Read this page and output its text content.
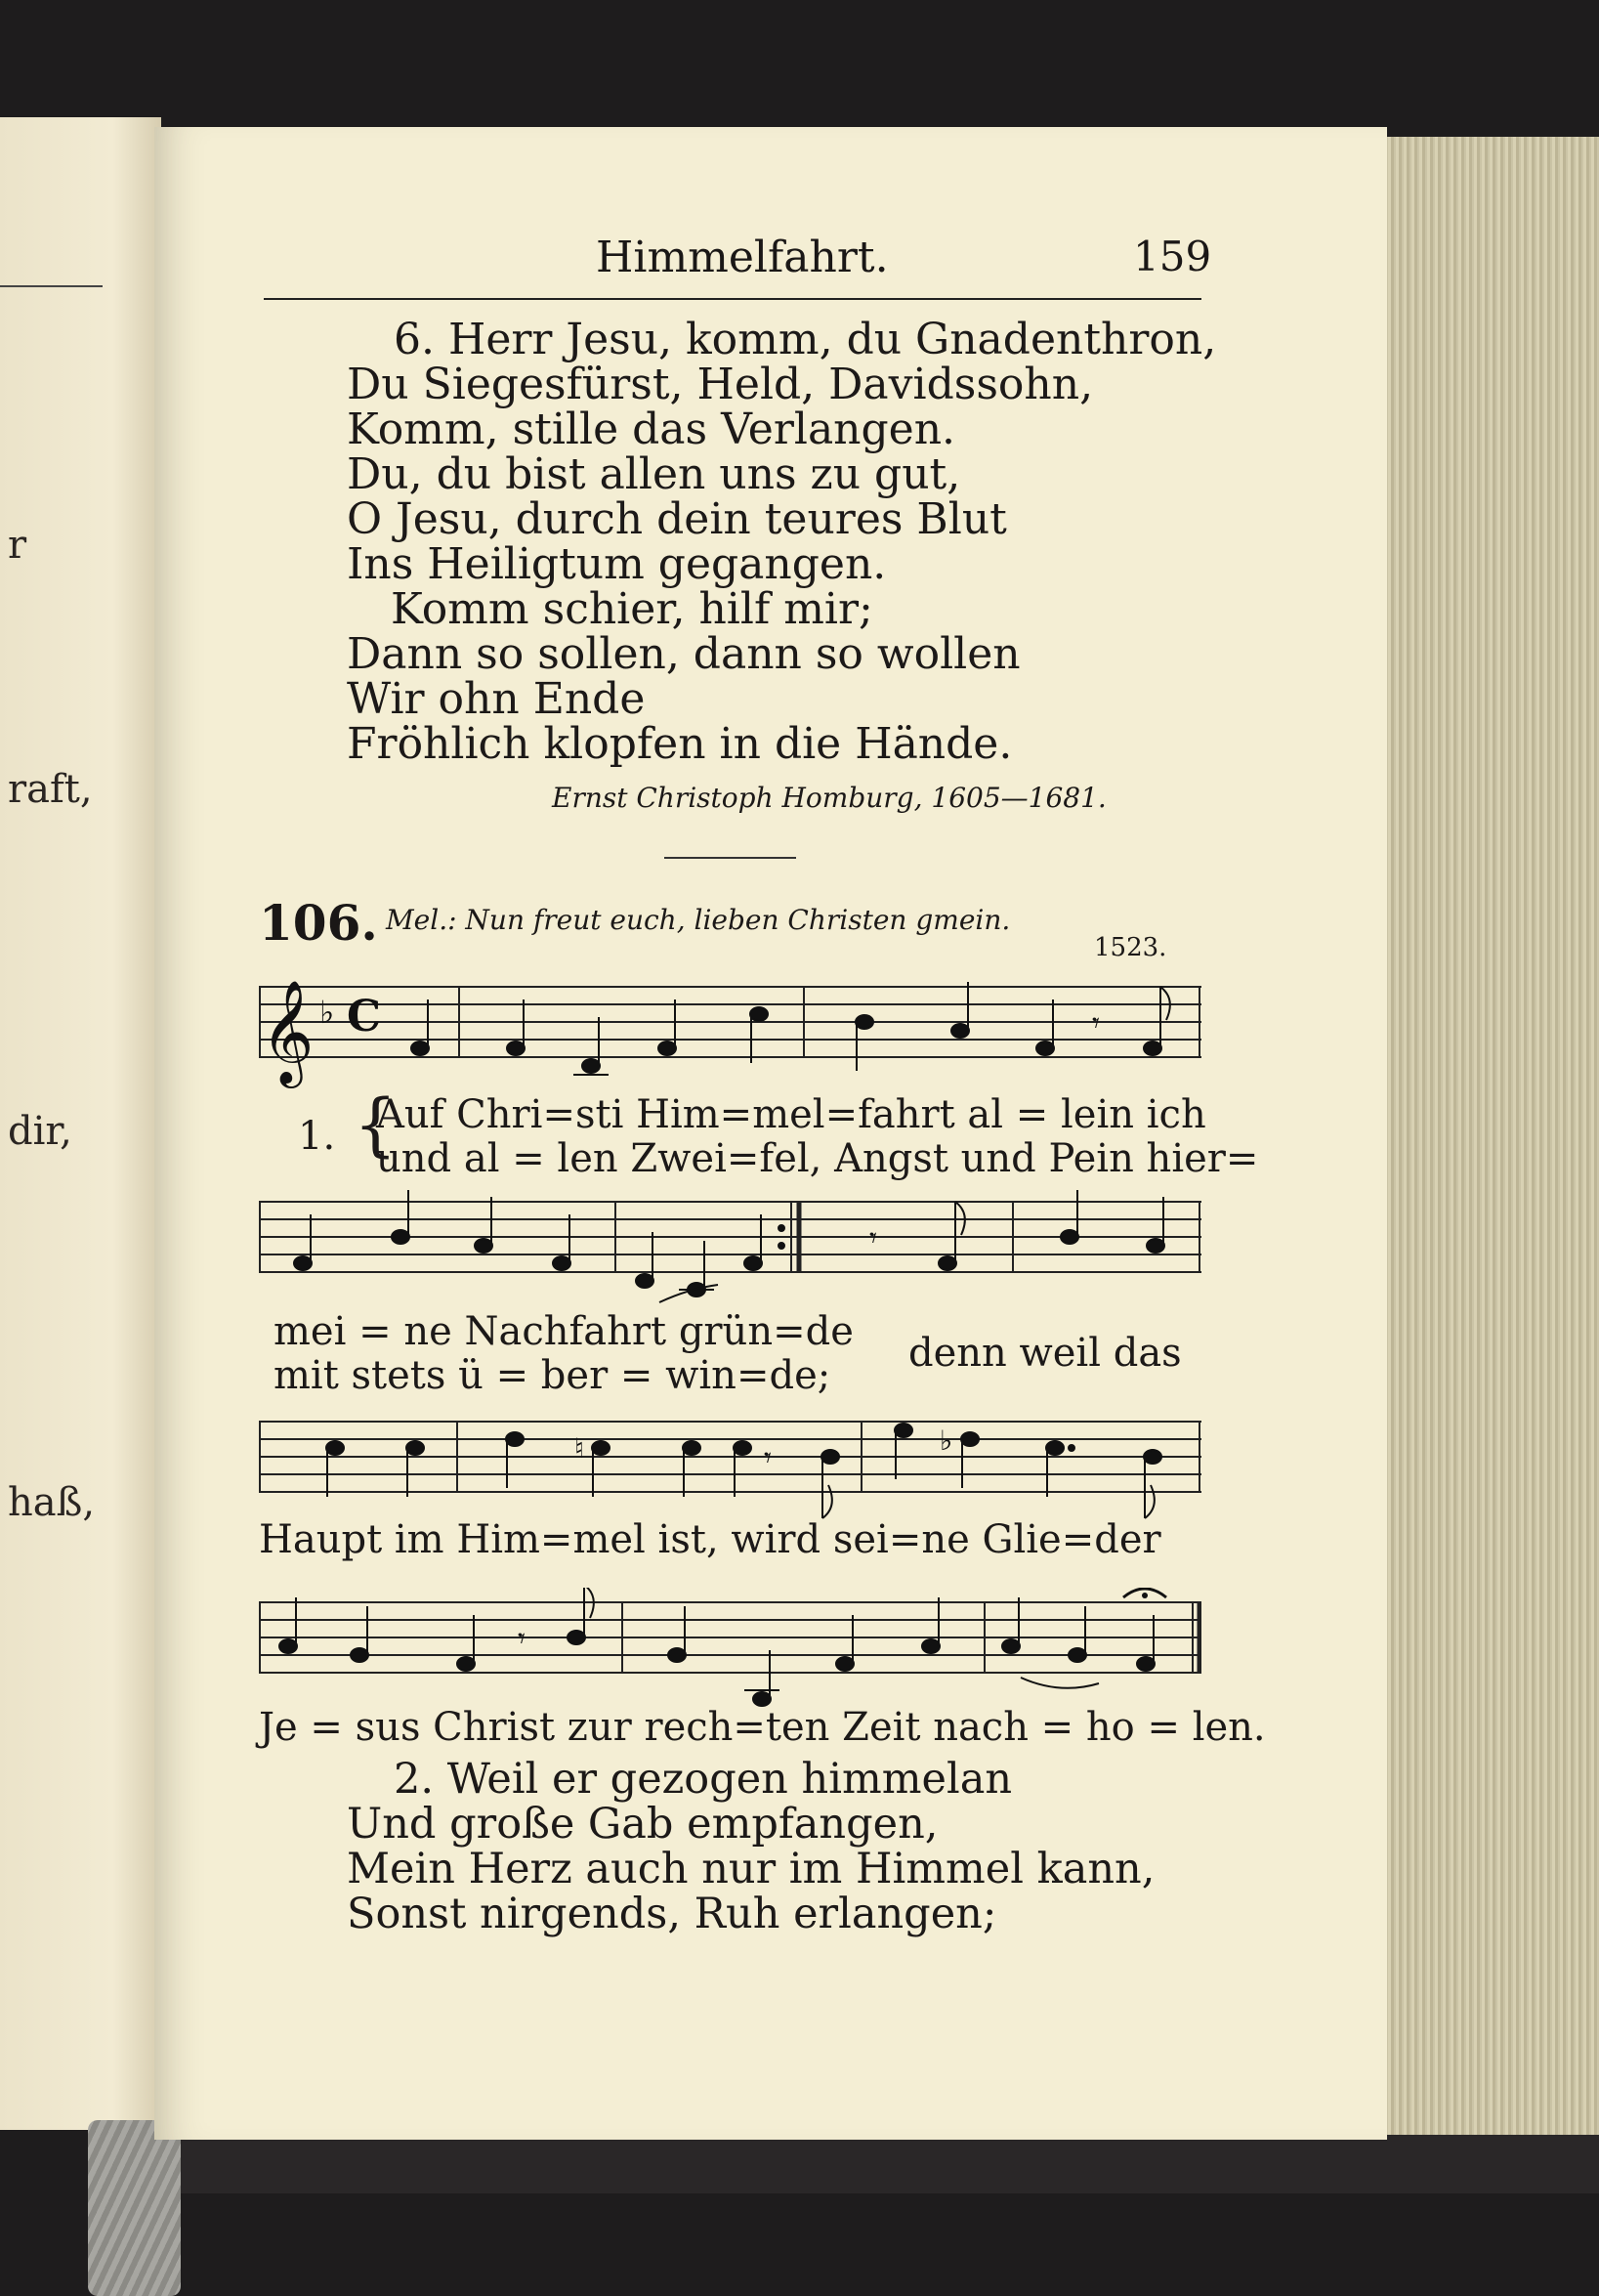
r
raft,
dir,
haß,
Himmelfahrt.	159
6. Herr Jesu, komm, du Gnadenthron,
Du Siegesfürst, Held, Davidssohn,
Komm, stille das Verlangen.
Du, du bist allen uns zu gut,
O Jesu, durch dein teures Blut
Ins Heiligtum gegangen.
Komm schier, hilf mir;
Dann so sollen, dann so wollen
Wir ohn Ende
Fröhlich klopfen in die Hände.
Ernst Christoph Homburg, 1605—1681.
106. Mel.: Nun freut euch, lieben Christen gmein.
1523.
𝄞 ♭ C	𝄾
{
1. Auf Chri=sti Him=mel=fahrt al = lein ich
und al = len Zwei=fel, Angst und Pein hier=
𝄾
mei = ne Nachfahrt grün=de
mit stets ü = ber = win=de; denn weil das
♮	♭
𝄾
Haupt im Him=mel ist, wird sei=ne Glie=der
𝄾
Je = sus Christ zur rech=ten Zeit nach = ho = len.
2. Weil er gezogen himmelan
Und große Gab empfangen,
Mein Herz auch nur im Himmel kann,
Sonst nirgends, Ruh erlangen;
